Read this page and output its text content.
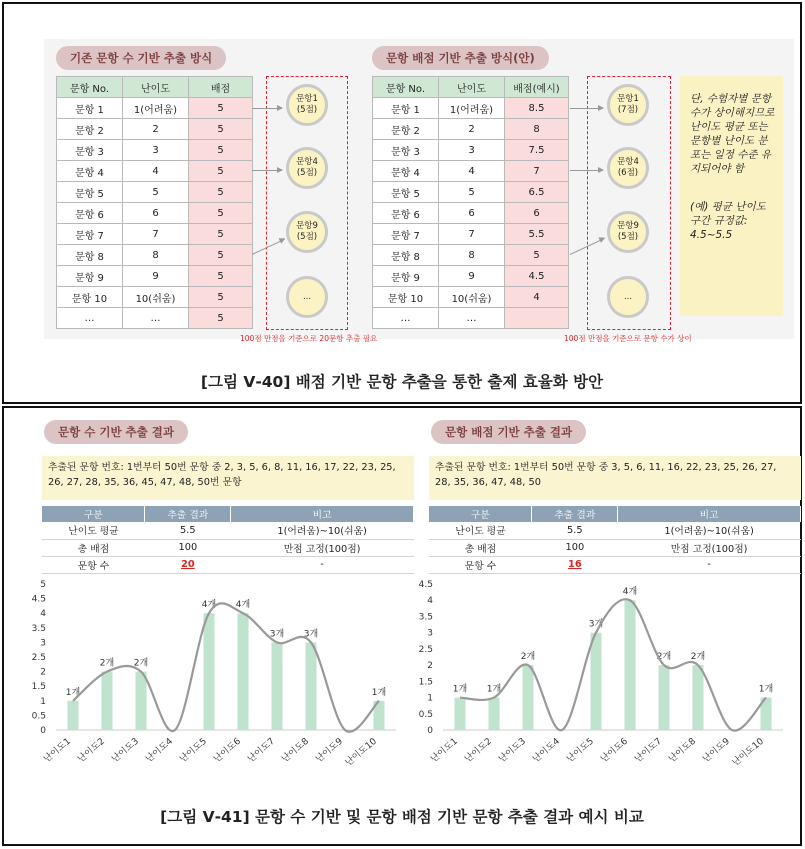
기존 문항 수 기반 추출 방식	문항 배점 기반 추출 방식(안)
문항 No.	난이도	배점
문항 1	1(어려움)	5
문항 2	2	5
문항 3	3	5
문항 4	4	5
문항 5	5	5
문항 6	6	5
문항 7	7	5
문항 8	8	5
문항 9	9	5
문항 10	10(쉬움)	5
…	…	5
문항 No.	난이도	배점(예시)
문항 1	1(어려움)	8.5
문항 2	2	8
문항 3	3	7.5
문항 4	4	7
문항 5	5	6.5
문항 6	6	6
문항 7	7	5.5
문항 8	8	5
문항 9	9	4.5
문항 10	10(쉬움)	4
…	…	
문항1
(5점)
문항4
(5점)
문항9
(5점)
...
100점 만점을 기준으로 20문항 추출 필요
문항1
(7점)
문항4
(6점)
문항9
(5점)
...
100점 만점을 기준으로 문항 수가 상이

단, 수험자별 문항 수가 상이해지므로 난이도 평균 또는 문항별 난이도 분포는 일정 수준 유지되어야 함

(예) 평균 난이도 구간 규정값: 4.5~5.5

[그림 Ⅴ-40] 배점 기반 문항 추출을 통한 출제 효율화 방안
문항 수 기반 추출 결과
추출된 문항 번호: 1번부터 50번 문항 중 2, 3, 5, 6, 8, 11, 16, 17, 22, 23, 25, 26, 27, 28, 35, 36, 45, 47, 48, 50번 문항
구분	추출 결과	비고
난이도 평균	5.5	1(어려움)~10(쉬움)
총 배점	100	만점 고정(100점)
문항 수	20	-
0
0.5
1
1.5
2
2.5
3
3.5
4
4.5
5
1개
난이도1
2개
난이도2
2개
난이도3 난이도4
4개
난이도5
4개
난이도6
3개
난이도7
3개
난이도8 난이도9
1개
난이도10
문항 배점 기반 추출 결과
추출된 문항 번호: 1번부터 50번 문항 중 3, 5, 6, 11, 16, 22, 23, 25, 26, 27, 28, 35, 36, 47, 48, 50
구분	추출 결과	비고
난이도 평균	5.5	1(어려움)~10(쉬움)
총 배점	100	만점 고정(100점)
문항 수	16	-
0
0.5
1
1.5
2
2.5
3
3.5
4
4.5
1개
난이도1
1개
난이도2
2개
난이도3 난이도4
3개
난이도5
4개
난이도6
2개
난이도7
2개
난이도8 난이도9
1개
난이도10
[그림 Ⅴ-41] 문항 수 기반 및 문항 배점 기반 문항 추출 결과 예시 비교
